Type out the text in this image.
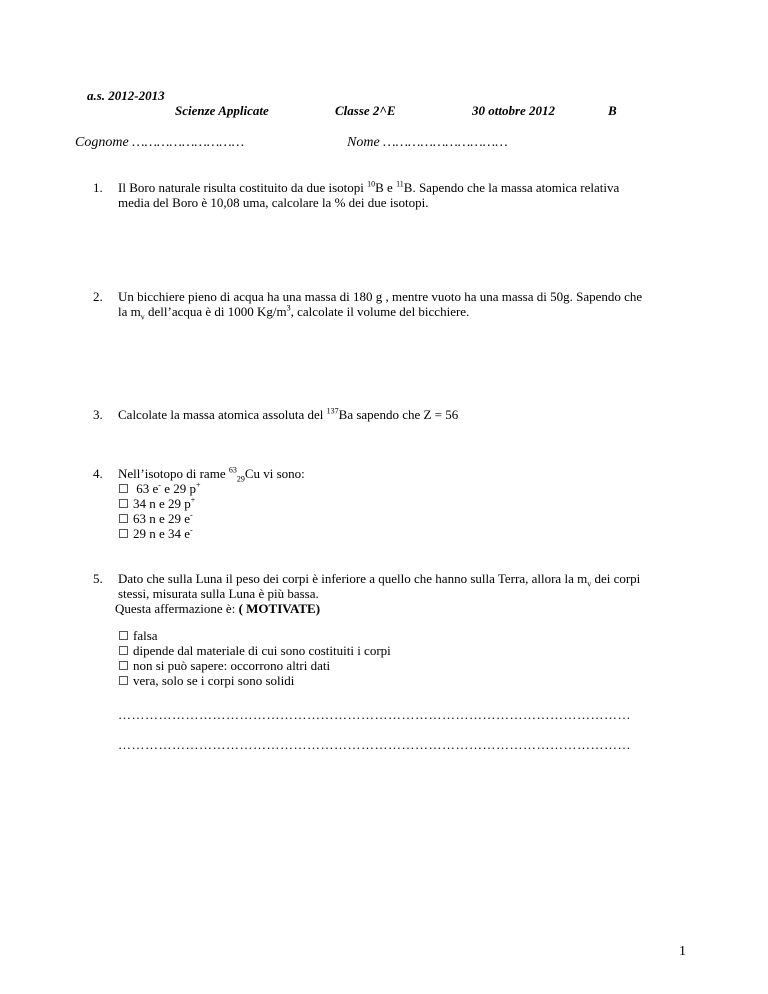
a.s. 2012-2013
Scienze Applicate	Classe 2^E	30 ottobre 2012	B
Cognome ………………………	Nome …………………………
1. Il Boro naturale risulta costituito da due isotopi $^{10}$B e $^{11}$B. Sapendo che la massa atomica relativa
media del Boro è 10,08 uma, calcolare la % dei due isotopi.
2. Un bicchiere pieno di acqua ha una massa di 180 g , mentre vuoto ha una massa di 50g. Sapendo che
la $m_v$ dell’acqua è di 1000 $Kg/m^3$, calcolate il volume del bicchiere.
3. Calcolate la massa atomica assoluta del $^{137}$Ba sapendo che Z = 56
4. Nell’isotopo di rame $^{63}_{29}$Cu vi sono:
63 e- e 29 p+
34 n e 29 p+
63 n e 29 e-
29 n e 34 e-
5. Dato che sulla Luna il peso dei corpi è inferiore a quello che hanno sulla Terra, allora la $m_v$ dei corpi
stessi, misurata sulla Luna è più bassa.
Questa affermazione è: ( MOTIVATE)
falsa
dipende dal materiale di cui sono costituiti i corpi
non si può sapere: occorrono altri dati
vera, solo se i corpi sono solidi
……………………………………………………………………………………………………
……………………………………………………………………………………………………
1
